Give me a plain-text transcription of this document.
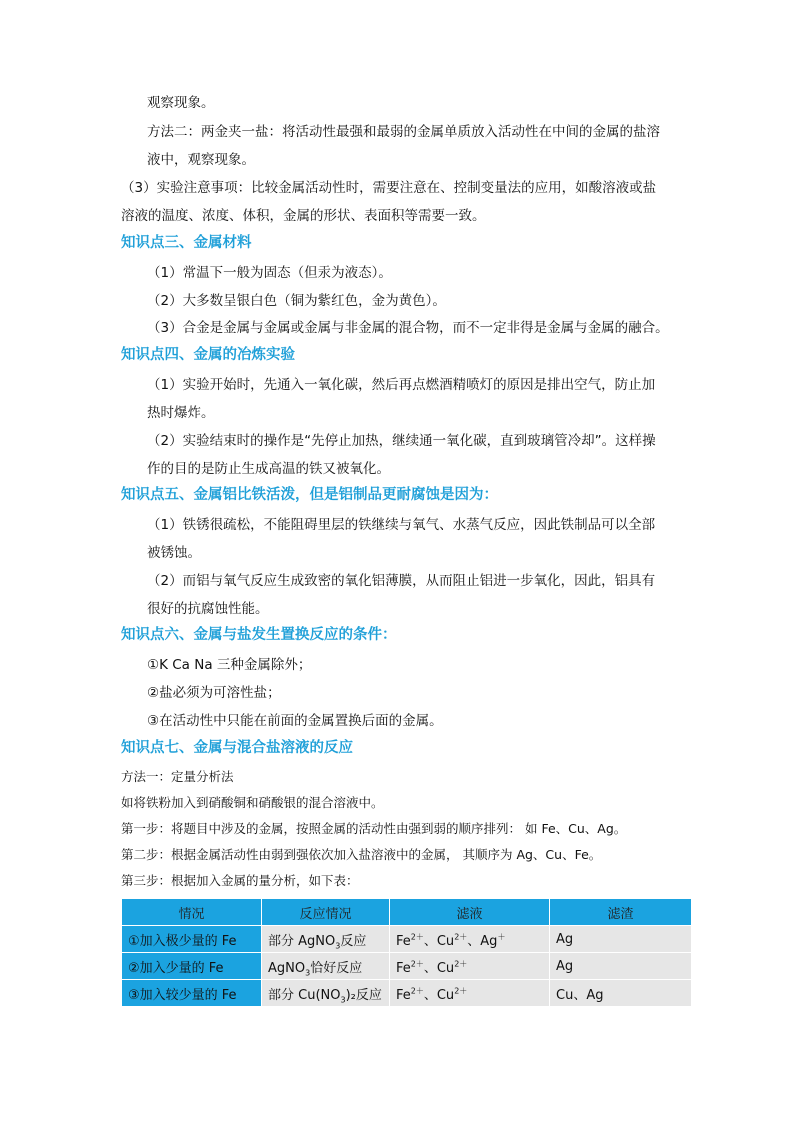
观察现象。
方法二：两金夹一盐：将活动性最强和最弱的金属单质放入活动性在中间的金属的盐溶
液中，观察现象。
（3）实验注意事项：比较金属活动性时，需要注意在、控制变量法的应用，如酸溶液或盐
溶液的温度、浓度、体积，金属的形状、表面积等需要一致。
知识点三、金属材料
（1）常温下一般为固态（但汞为液态）。
（2）大多数呈银白色（铜为紫红色，金为黄色）。
（3）合金是金属与金属或金属与非金属的混合物，而不一定非得是金属与金属的融合。
知识点四、金属的冶炼实验
（1）实验开始时，先通入一氧化碳，然后再点燃酒精喷灯的原因是排出空气，防止加
热时爆炸。
（2）实验结束时的操作是“先停止加热，继续通一氧化碳，直到玻璃管冷却”。这样操
作的目的是防止生成高温的铁又被氧化。
知识点五、金属铝比铁活泼，但是铝制品更耐腐蚀是因为：
（1）铁锈很疏松，不能阻碍里层的铁继续与氧气、水蒸气反应，因此铁制品可以全部
被锈蚀。
（2）而铝与氧气反应生成致密的氧化铝薄膜，从而阻止铝进一步氧化，因此，铝具有
很好的抗腐蚀性能。
知识点六、金属与盐发生置换反应的条件：
①K Ca Na 三种金属除外；
②盐必须为可溶性盐；
③在活动性中只能在前面的金属置换后面的金属。
知识点七、金属与混合盐溶液的反应
方法一：定量分析法
如将铁粉加入到硝酸铜和硝酸银的混合溶液中。
第一步：将题目中涉及的金属，按照金属的活动性由强到弱的顺序排列： 如 Fe、Cu、Ag。
第二步：根据金属活动性由弱到强依次加入盐溶液中的金属， 其顺序为 Ag、Cu、Fe。
第三步：根据加入金属的量分析，如下表：
情况	反应情况	滤液	滤渣
①加入极少量的 Fe	部分 AgNO$_3$反应	$Fe^{2+}$、$Cu^{2+}$、Ag＋	Ag
②加入少量的 Fe	AgNO$_3$恰好反应	$Fe^{2+}$、$Cu^{2+}$	Ag
③加入较少量的 Fe	部分 $Cu(NO_3)_2$反应	$Fe^{2+}$、$Cu^{2+}$	Cu、Ag
